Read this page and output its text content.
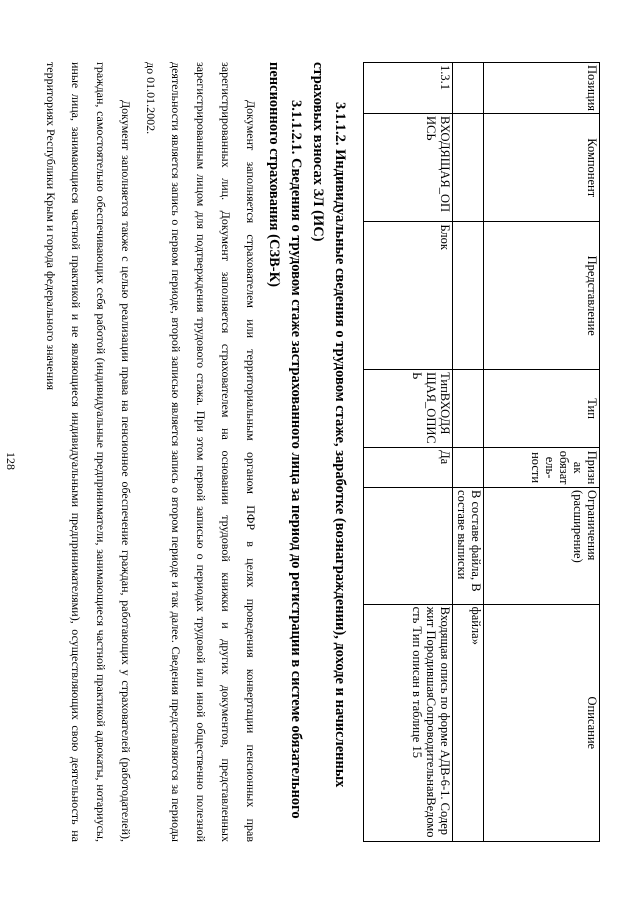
128
Позиция	Компонент	Представление	Тип	Призн ак обязат ель- ности	Ограничения (расширение)	Описание
					В составе файла, В составе выписки	файла»
1.3.1	ВХОДЯЩАЯ_ОПИСЬ	Блок	ТипВХОДЯЩАЯ_ОПИСЬ	Да		Входящая опись по форме АДВ-6-1. Содержит ПородившаяСопроводительнаяВедомость Тип описан в таблице 15

3.1.1.2. Индивидуальные сведения о трудовом стаже, заработке (вознаграждении), доходе и начисленных страховых взносах ЗЛ (ИС)

3.1.1.2.1. Сведения о трудовом стаже застрахованного лица за период до регистрации в системе обязательного пенсионного страхования (СЗВ-К)

Документ заполняется страхователем или территориальным органом ПФР в целях проведения конвертации пенсионных прав зарегистрированных лиц. Документ заполняется страхователем на основании трудовой книжки и других документов, представленных зарегистрированным лицом для подтверждения трудового стажа. При этом первой записью о периодах трудовой или иной общественно полезной деятельности является запись о первом периоде, второй записью является запись о втором периоде и так далее. Сведения представляются за периоды до 01.01.2002.

Документ заполняется также с целью реализации права на пенсионное обеспечение граждан, работающих у страхователей (работодателей), граждан, самостоятельно обеспечивающих себя работой (индивидуальные предприниматели, занимающиеся частной практикой адвокаты, нотариусы, иные лица, занимающиеся частной практикой и не являющиеся индивидуальными предпринимателями), осуществляющих свою деятельность на территориях Республики Крым и города федерального значения
